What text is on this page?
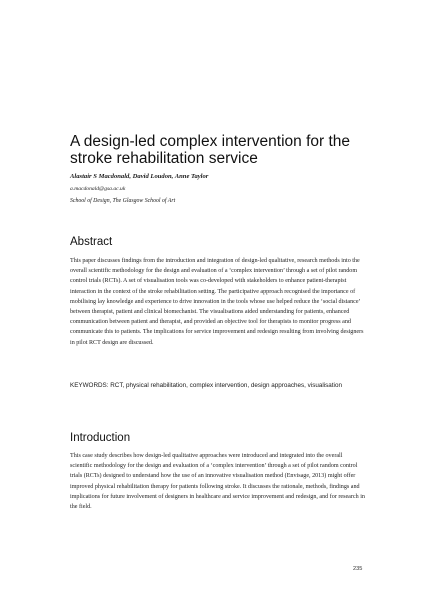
A design-led complex intervention for the stroke rehabilitation service

Alastair S Macdonald, David Loudon, Anne Taylor

a.macdonald@gsa.ac.uk

School of Design, The Glasgow School of Art

Abstract

This paper discusses findings from the introduction and integration of design-led qualitative, research methods into the overall scientific methodology for the design and evaluation of a ‘complex intervention’ through a set of pilot random control trials (RCTs). A set of visualisation tools was co-developed with stakeholders to enhance patient-therapist interaction in the context of the stroke rehabilitation setting. The participative approach recognised the importance of mobilising lay knowledge and experience to drive innovation in the tools whose use helped reduce the ‘social distance’ between therapist, patient and clinical biomechanist. The visualisations aided understanding for patients, enhanced communication between patient and therapist, and provided an objective tool for therapists to monitor progress and communicate this to patients. The implications for service improvement and redesign resulting from involving designers in pilot RCT design are discussed.

KEYWORDS: RCT, physical rehabilitation, complex intervention, design approaches, visualisation

Introduction

This case study describes how design-led qualitative approaches were introduced and integrated into the overall scientific methodology for the design and evaluation of a ‘complex intervention’ through a set of pilot random control trials (RCTs) designed to understand how the use of an innovative visualisation method (Envisage, 2013) might offer improved physical rehabilitation therapy for patients following stroke. It discusses the rationale, methods, findings and implications for future involvement of designers in healthcare and service improvement and redesign, and for research in the field.

235
